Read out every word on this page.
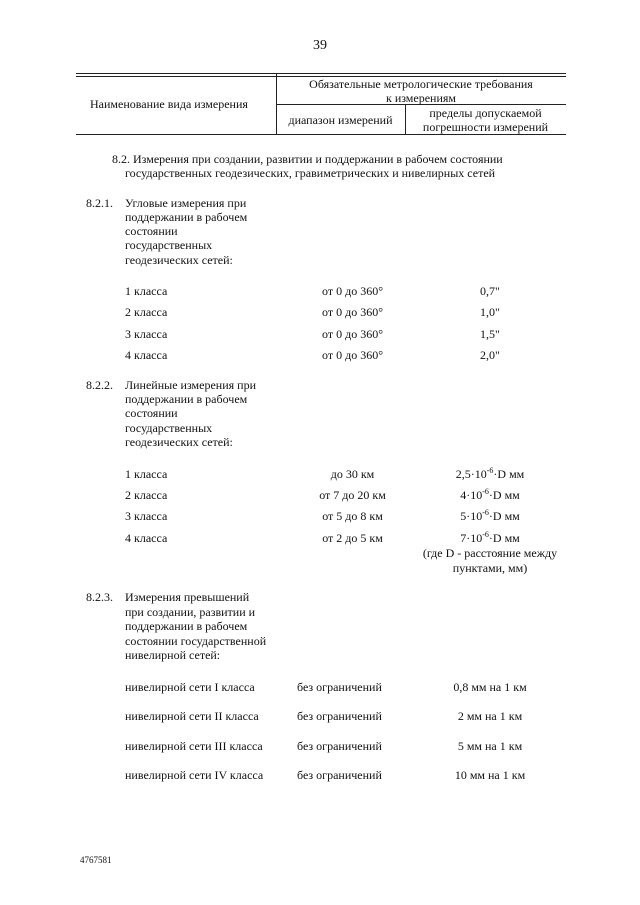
39
Наименование вида измерения
Обязательные метрологические требования
к измерениям
диапазон измерений	пределы допускаемой
погрешности измерений
8.2. Измерения при создании, развитии и поддержании в рабочем состоянии
государственных геодезических, гравиметрических и нивелирных сетей
8.2.1. Угловые измерения при
поддержании в рабочем
состоянии
государственных
геодезических сетей:
1 класса	от 0 до 360°	0,7"
2 класса	от 0 до 360°	1,0"
3 класса	от 0 до 360°	1,5"
4 класса	от 0 до 360°	2,0"
8.2.2. Линейные измерения при
поддержании в рабочем
состоянии
государственных
геодезических сетей:
1 класса	до 30 км	$2,5\cdot 10^{-6}\cdot D$ мм
2 класса	от 7 до 20 км	$4\cdot 10^{-6}\cdot D$ мм
3 класса	от 5 до 8 км	$5\cdot 10^{-6}\cdot D$ мм
4 класса	от 2 до 5 км	$7\cdot 10^{-6}\cdot D$ мм
(где D - расстояние между
пунктами, мм)
8.2.3. Измерения превышений
при создании, развитии и
поддержании в рабочем
состоянии государственной
нивелирной сетей:
нивелирной сети I класса	без ограничений	0,8 мм на 1 км
нивелирной сети II класса	без ограничений	2 мм на 1 км
нивелирной сети III класса	без ограничений	5 мм на 1 км
нивелирной сети IV класса	без ограничений	10 мм на 1 км
4767581
